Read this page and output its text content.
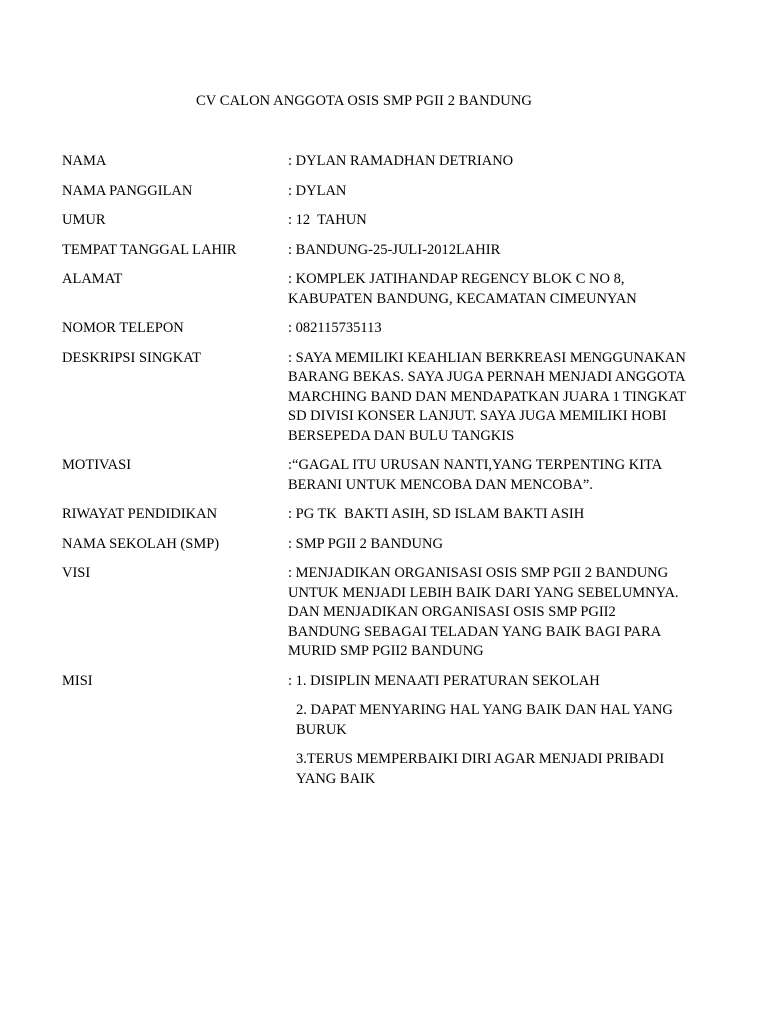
CV CALON ANGGOTA OSIS SMP PGII 2 BANDUNG
NAMA	: DYLAN RAMADHAN DETRIANO
NAMA PANGGILAN	: DYLAN
UMUR	: 12  TAHUN
TEMPAT TANGGAL LAHIR	: BANDUNG-25-JULI-2012LAHIR
ALAMAT	: KOMPLEK JATIHANDAP REGENCY BLOK C NO 8, KABUPATEN BANDUNG, KECAMATAN CIMEUNYAN
NOMOR TELEPON	: 082115735113
DESKRIPSI SINGKAT	: SAYA MEMILIKI KEAHLIAN BERKREASI MENGGUNAKAN BARANG BEKAS. SAYA JUGA PERNAH MENJADI ANGGOTA MARCHING BAND DAN MENDAPATKAN JUARA 1 TINGKAT SD DIVISI KONSER LANJUT. SAYA JUGA MEMILIKI HOBI BERSEPEDA DAN BULU TANGKIS
MOTIVASI	:“GAGAL ITU URUSAN NANTI,YANG TERPENTING KITA BERANI UNTUK MENCOBA DAN MENCOBA”.
RIWAYAT PENDIDIKAN	: PG TK  BAKTI ASIH, SD ISLAM BAKTI ASIH
NAMA SEKOLAH (SMP)	: SMP PGII 2 BANDUNG
VISI	: MENJADIKAN ORGANISASI OSIS SMP PGII 2 BANDUNG UNTUK MENJADI LEBIH BAIK DARI YANG SEBELUMNYA. DAN MENJADIKAN ORGANISASI OSIS SMP PGII2 BANDUNG SEBAGAI TELADAN YANG BAIK BAGI PARA MURID SMP PGII2 BANDUNG
MISI	: 1. DISIPLIN MENAATI PERATURAN SEKOLAH
2. DAPAT MENYARING HAL YANG BAIK DAN HAL YANG BURUK
3.TERUS MEMPERBAIKI DIRI AGAR MENJADI PRIBADI YANG BAIK
